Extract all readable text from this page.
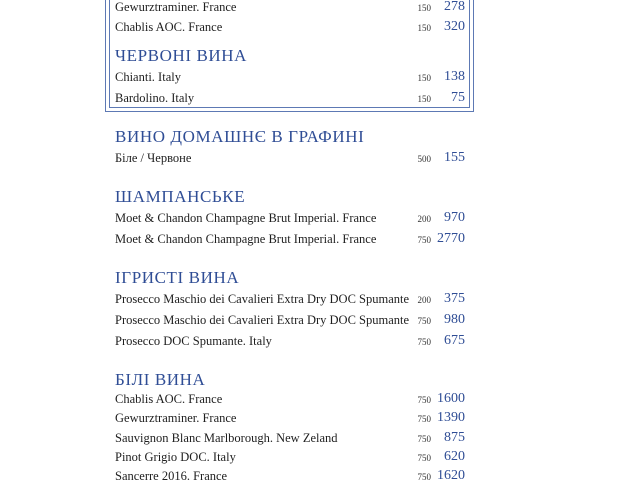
Gewurztraminer. France	150 278
Chablis AOC. France	150 320
ЧЕРВОНІ ВИНА
Chianti. Italy	150 138
Bardolino. Italy	150	75
ВИНО ДОМАШНЄ В ГРАФИНІ
Біле / Червоне	500 155
ШАМПАНСЬКЕ
Moet & Chandon Champagne Brut Imperial. France	200 970
Moet & Chandon Champagne Brut Imperial. France	750 2770
ІГРИСТІ ВИНА
Prosecco Maschio dei Cavalieri Extra Dry DOC Spumante 200 375
Prosecco Maschio dei Cavalieri Extra Dry DOC Spumante 750 980
Prosecco DOC Spumante. Italy	750 675
БІЛІ ВИНА
Chablis AOC. France	750 1600
Gewurztraminer. France	750 1390
Sauvignon Blanc Marlborough. New Zeland	750 875
Pinot Grigio DOC. Italy	750 620
Sancerre 2016. France	750 1620
